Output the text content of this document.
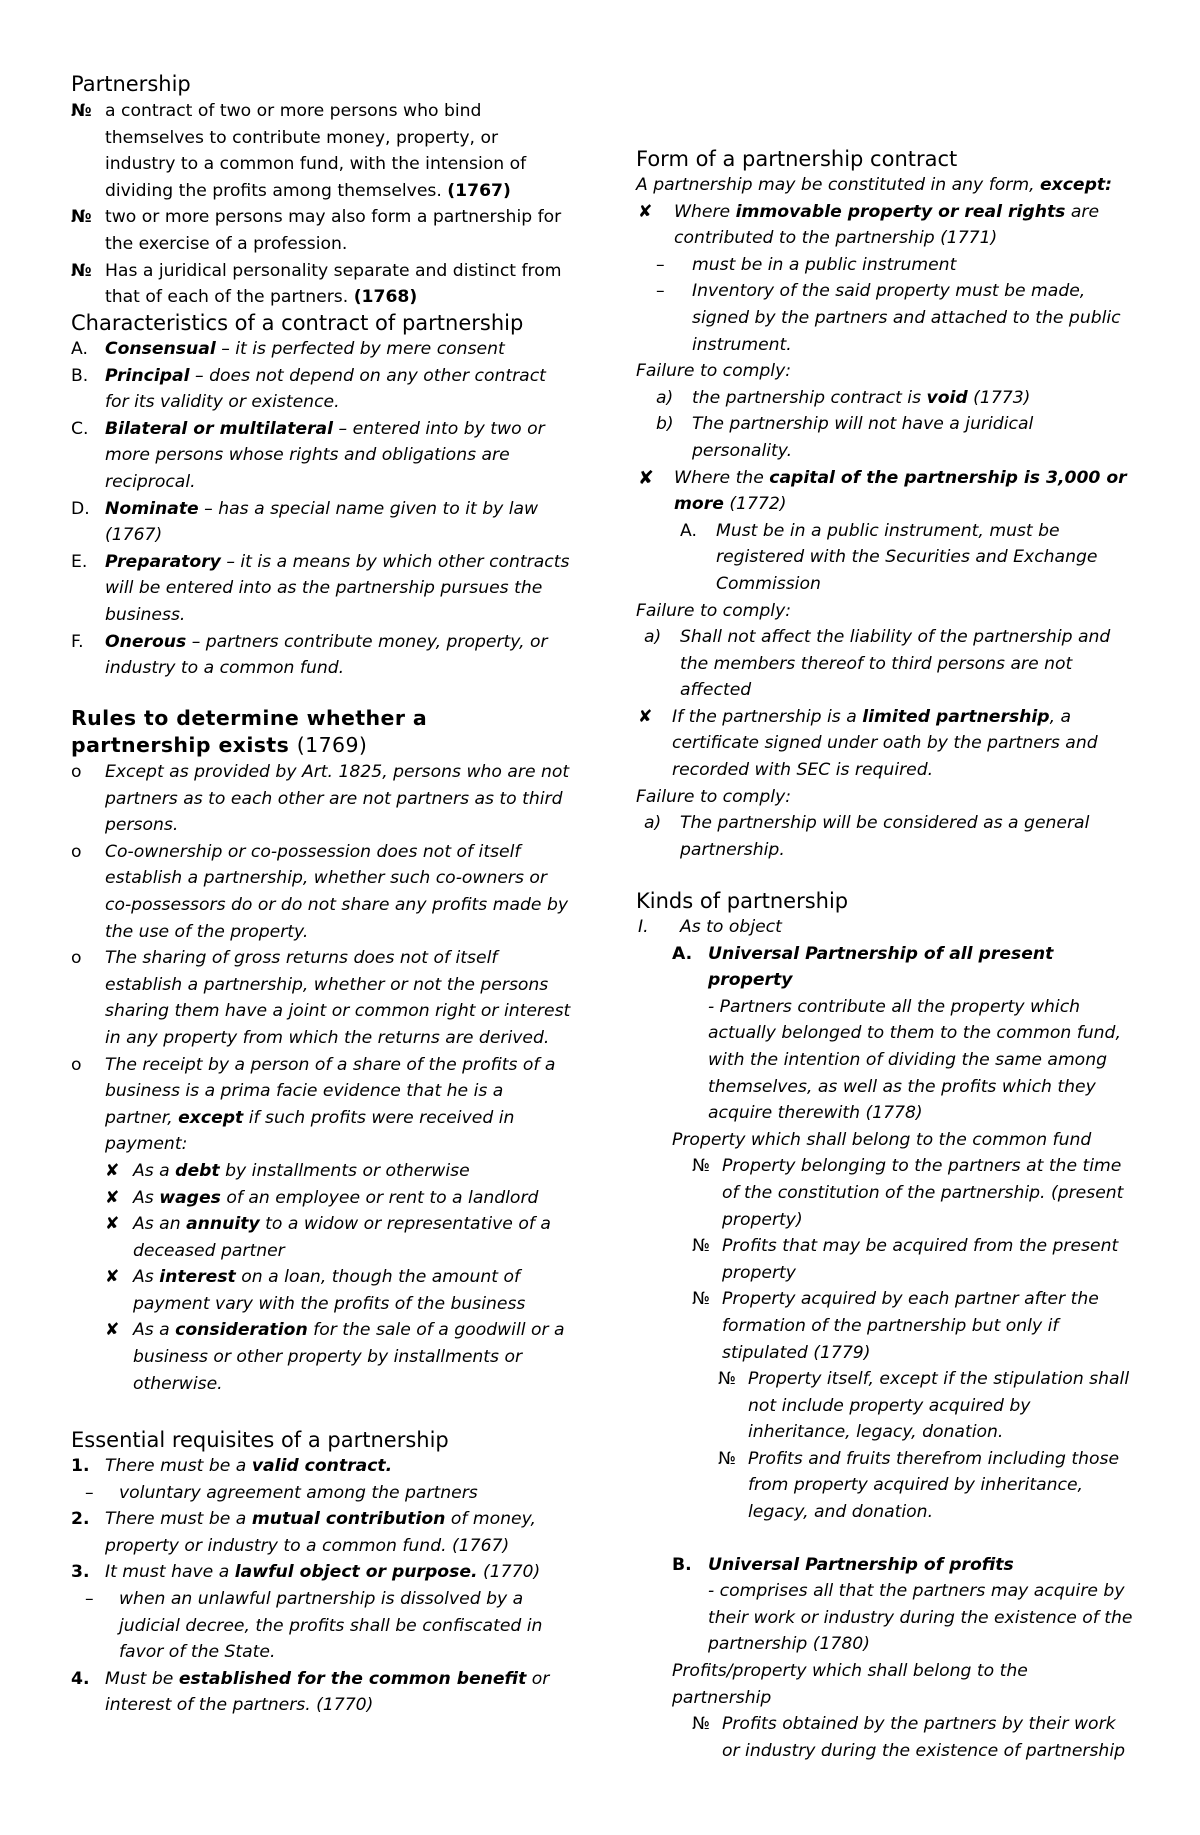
Partnership
№ a contract of two or more persons who bind themselves to contribute money, property, or industry to a common fund, with the intension of dividing the profits among themselves. (1767)
№ two or more persons may also form a partnership for the exercise of a profession.
№ Has a juridical personality separate and distinct from that of each of the partners. (1768)
Characteristics of a contract of partnership
A. Consensual – it is perfected by mere consent
B. Principal – does not depend on any other contract for its validity or existence.
C. Bilateral or multilateral – entered into by two or more persons whose rights and obligations are reciprocal.
D. Nominate – has a special name given to it by law (1767)
E. Preparatory – it is a means by which other contracts will be entered into as the partnership pursues the business.
F. Onerous – partners contribute money, property, or industry to a common fund.
Rules to determine whether a partnership exists (1769)
o Except as provided by Art. 1825, persons who are not partners as to each other are not partners as to third persons.
o Co-ownership or co-possession does not of itself establish a partnership, whether such co-owners or co-possessors do or do not share any profits made by the use of the property.
o The sharing of gross returns does not of itself establish a partnership, whether or not the persons sharing them have a joint or common right or interest in any property from which the returns are derived.
o The receipt by a person of a share of the profits of a business is a prima facie evidence that he is a partner, except if such profits were received in payment:
✘ As a debt by installments or otherwise
✘ As wages of an employee or rent to a landlord
✘ As an annuity to a widow or representative of a deceased partner
✘ As interest on a loan, though the amount of payment vary with the profits of the business
✘ As a consideration for the sale of a goodwill or a business or other property by installments or otherwise.
Essential requisites of a partnership
1. There must be a valid contract.
– voluntary agreement among the partners
2. There must be a mutual contribution of money, property or industry to a common fund. (1767)
3. It must have a lawful object or purpose. (1770)
– when an unlawful partnership is dissolved by a judicial decree, the profits shall be confiscated in favor of the State.
4. Must be established for the common benefit or interest of the partners. (1770)
Form of a partnership contract

A partnership may be constituted in any form, except:

✘ Where immovable property or real rights are contributed to the partnership (1771)
– must be in a public instrument
– Inventory of the said property must be made, signed by the partners and attached to the public instrument.

Failure to comply:

a) the partnership contract is void (1773)
b) The partnership will not have a juridical personality.
✘ Where the capital of the partnership is 3,000 or more (1772)
A. Must be in a public instrument, must be registered with the Securities and Exchange Commission

Failure to comply:

a) Shall not affect the liability of the partnership and the members thereof to third persons are not affected
✘ If the partnership is a limited partnership, a certificate signed under oath by the partners and recorded with SEC is required.

Failure to comply:

a) The partnership will be considered as a general partnership.
Kinds of partnership
I. As to object
A. Universal Partnership of all present property
- Partners contribute all the property which actually belonged to them to the common fund, with the intention of dividing the same among themselves, as well as the profits which they acquire therewith (1778)

Property which shall belong to the common fund

№ Property belonging to the partners at the time of the constitution of the partnership. (present property)
№ Profits that may be acquired from the present property
№ Property acquired by each partner after the formation of the partnership but only if stipulated (1779)
№ Property itself, except if the stipulation shall not include property acquired by inheritance, legacy, donation.
№ Profits and fruits therefrom including those from property acquired by inheritance, legacy, and donation.
B. Universal Partnership of profits
- comprises all that the partners may acquire by their work or industry during the existence of the partnership (1780)

Profits/property which shall belong to the partnership

№ Profits obtained by the partners by their work or industry during the existence of partnership
